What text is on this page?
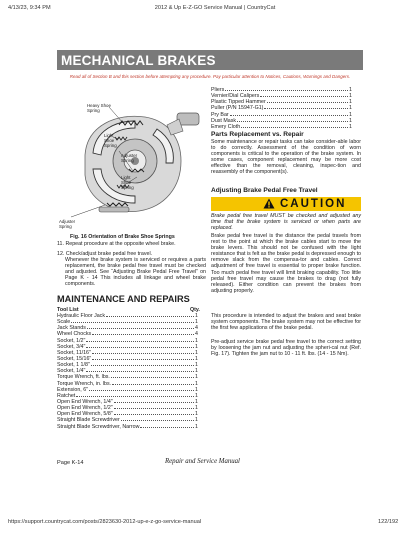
4/13/23, 9:34 PM	2012 & Up E-Z-GO Service Manual | CountryCat
MECHANICAL BRAKES
Read all of Section B and this section before attempting any procedure. Pay particular attention to Notices, Cautions, Warnings and Dangers.
Heavy Shoe
Spring
Light
Shoe
Spring
Adjuster
Spring
Light
Shoe
Spring
Adjuster
Spring
Fig. 16 Orientation of Brake Shoe Springs
11. Repeat procedure at the opposite wheel brake.
12. Check/adjust brake pedal free travel.
Whenever the brake system is serviced or requires a parts replacement, the brake pedal free travel must be checked and adjusted. See “Adjusting Brake Pedal Free Travel” on Page K - 14 This includes all linkage and wheel brake components.
MAINTENANCE AND REPAIRS
Tool List	Qty.
Hydraulic Floor Jack	1
Scale	1
Jack Stands	4
Wheel Chocks	4
Socket, 1/2"	1
Socket, 3/4"	1
Socket, 11/16"	1
Socket, 15/16"	1
Socket, 1 1/8"	1
Socket, 1/4"	1
Torque Wrench, ft. lbs.	1
Torque Wrench, in. lbs.	1
Extension, 6"	1
Ratchet	1
Open End Wrench, 1/4"	1
Open End Wrench, 1/2"	1
Open End Wrench, 5/8"	1
Straight Blade Screwdriver	1
Straight Blade Screwdriver, Narrow	1
Pliers	1
Vernier/Dial Calipers	1
Plastic Tipped Hammer	1
Puller (P/N 15947-G1)	1
Pry Bar	1
Dust Mask	1
Emery Cloth	1
Parts Replacement vs. Repair
Some maintenance or repair tasks can take consider-able labor to do correctly. Assessment of the condition of worn components is critical to the operation of the brake system. In some cases, component replacement may be more cost effective than the removal, cleaning, inspec-tion and reassembly of the component(s).
Adjusting Brake Pedal Free Travel
CAUTION
Brake pedal free travel MUST be checked and adjusted any time that the brake system is serviced or when parts are replaced.
Brake pedal free travel is the distance the pedal travels from rest to the point at which the brake cables start to move the brake levers. This should not be confused with the light resistance that is felt as the brake pedal is depressed enough to remove slack from the compensa-tor and cables. Correct adjustment of free travel is essential to proper brake function. Too much pedal free travel will limit braking capability. Too little pedal free travel may cause the brakes to drag (not fully released). Either condition can prevent the brakes from adjusting properly.
This procedure is intended to adjust the brakes and seat brake system components. The brake system may not be effective for the first few applications of the brake pedal.
Pre-adjust service brake pedal free travel to the correct setting by loosening the jam nut and adjusting the spheri-cal nut (Ref. Fig. 17). Tighten the jam nut to 10 - 11 ft. lbs. (14 - 15 Nm).
Page K-14	Repair and Service Manual
https://support.countrycat.com/posts/2823630-2012-up-e-z-go-service-manual	122/192
